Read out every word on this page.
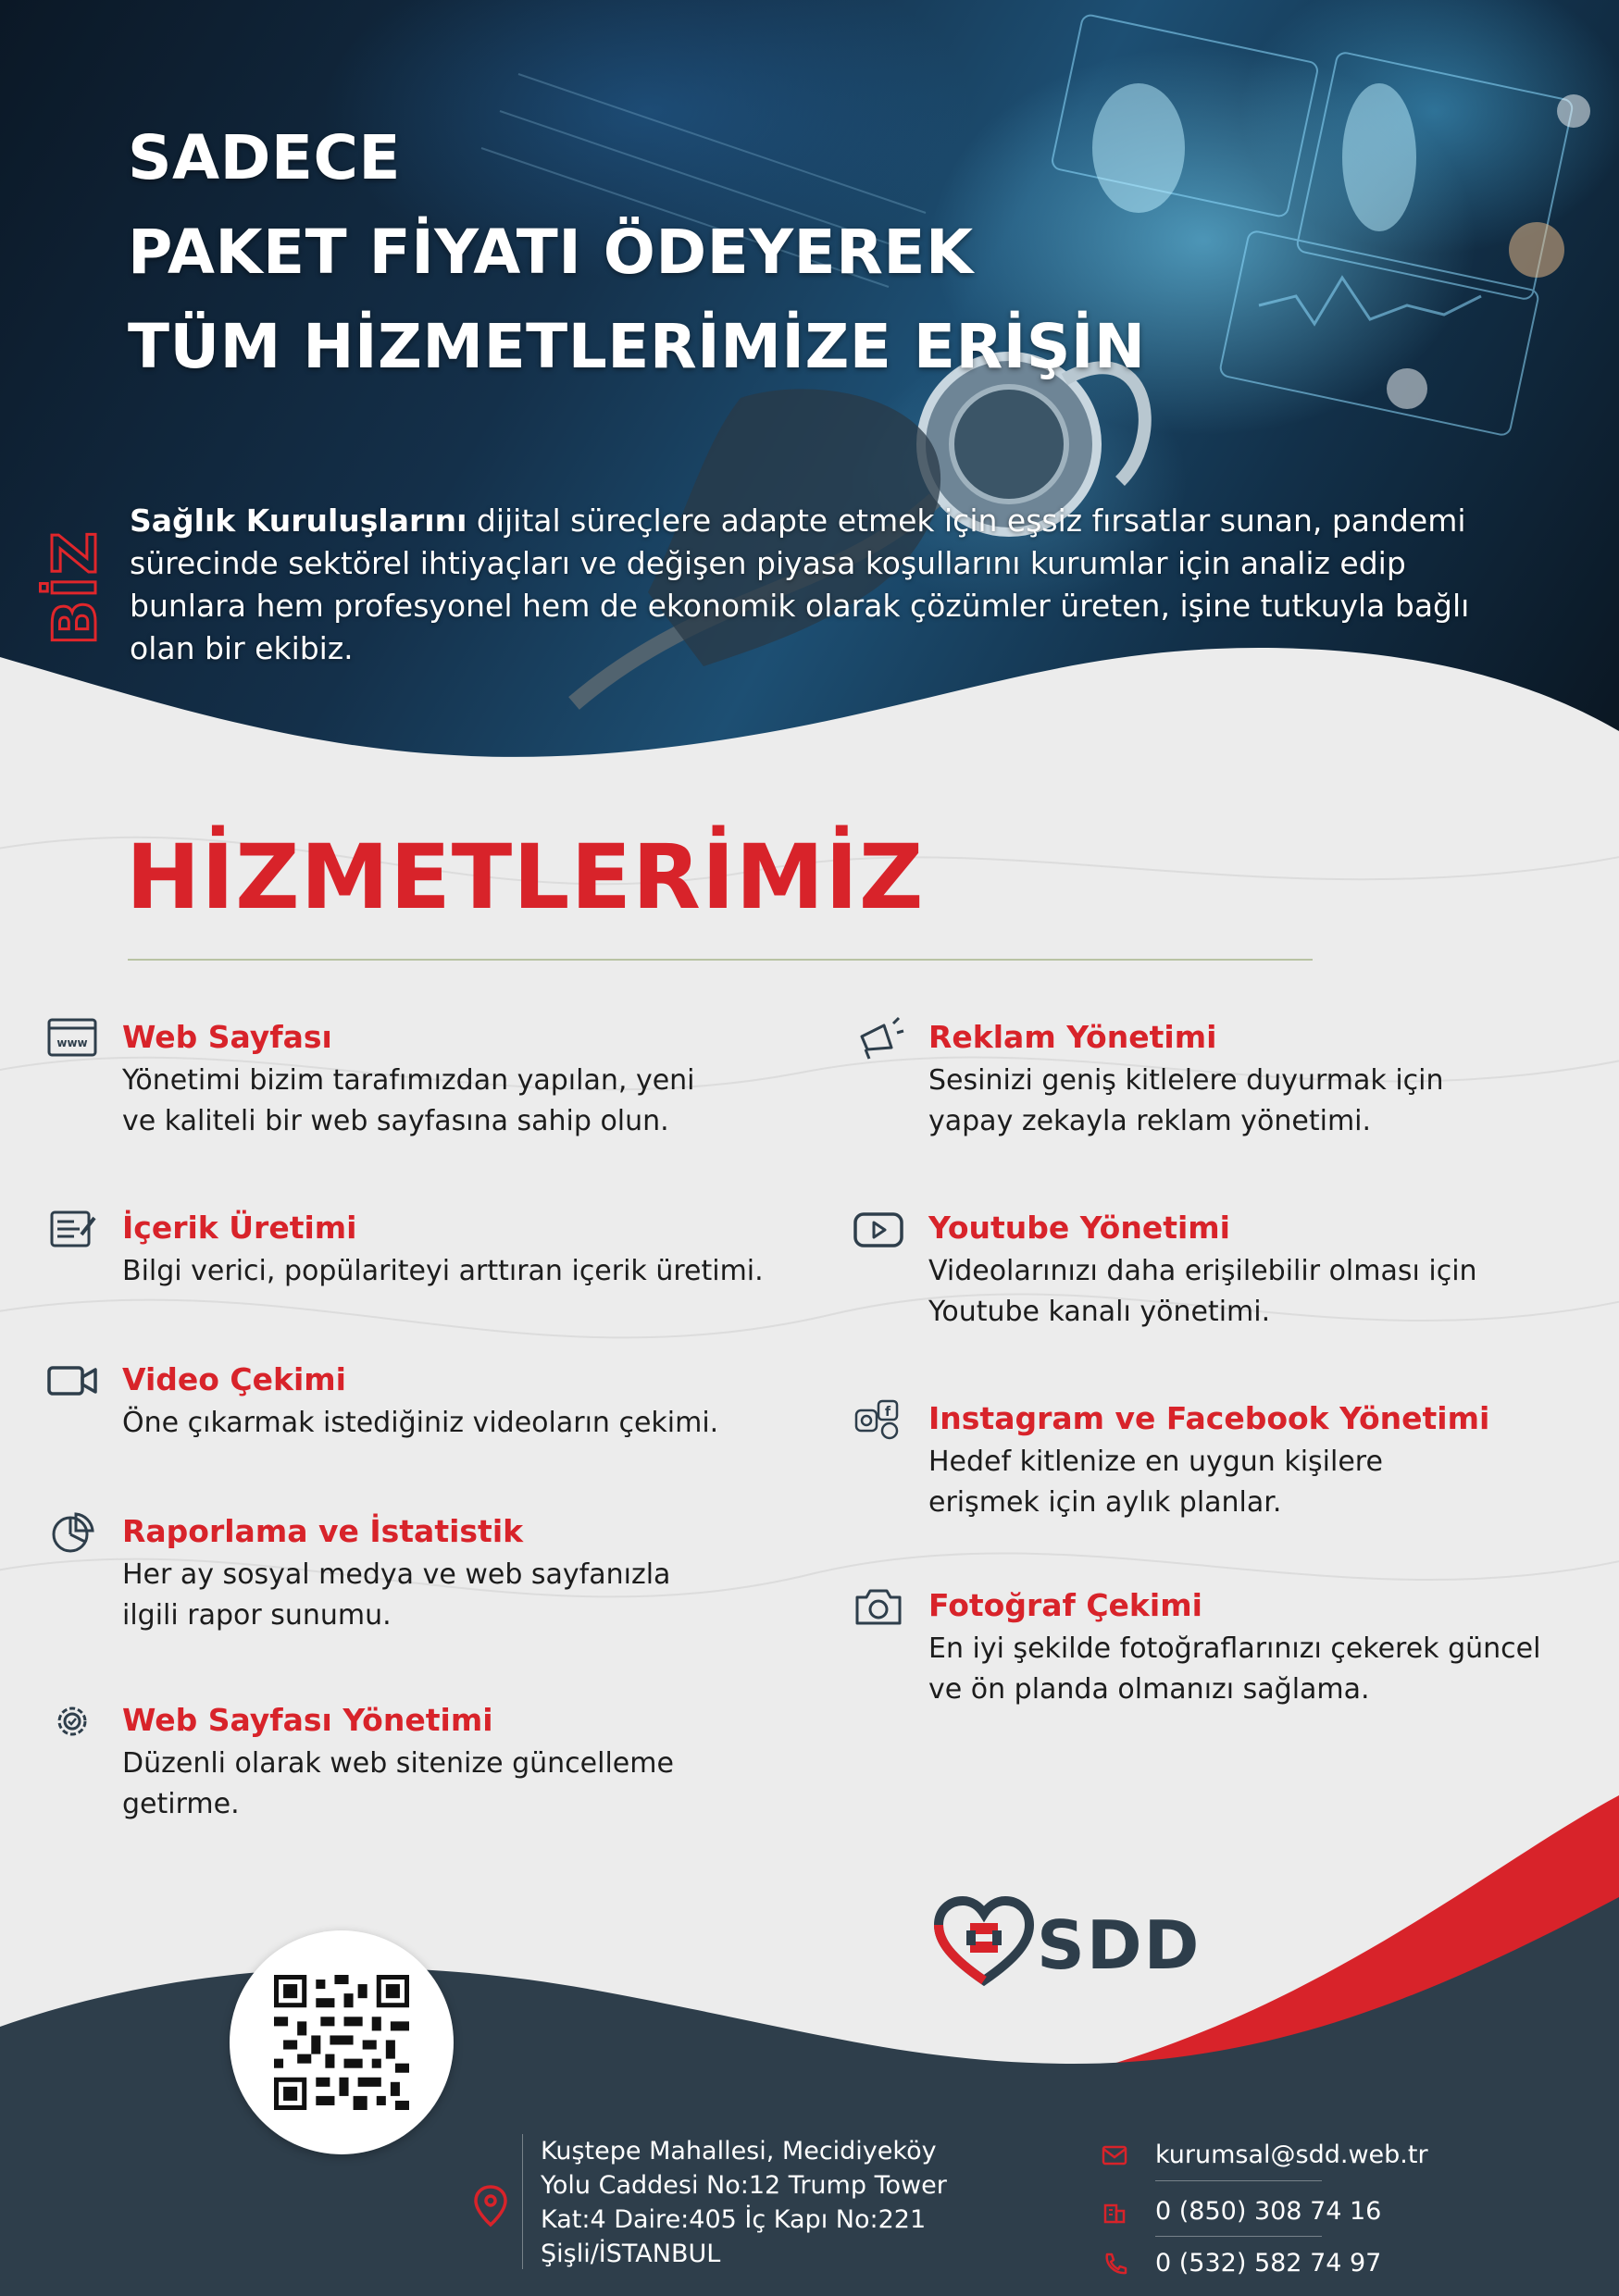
SADECE
PAKET FİYATI ÖDEYEREK
TÜM HİZMETLERİMİZE ERİŞİN
BİZ

Sağlık Kuruluşlarını dijital süreçlere adapte etmek için eşsiz fırsatlar sunan, pandemi sürecinde sektörel ihtiyaçları ve değişen piyasa koşullarını kurumlar için analiz edip bunlara hem profesyonel hem de ekonomik olarak çözümler üreten, işine tutkuyla bağlı olan bir ekibiz.

HİZMETLERİMİZ
www Web Sayfası
Yönetimi bizim tarafımızdan yapılan, yeni ve kaliteli bir web sayfasına sahip olun.
İçerik Üretimi
Bilgi verici, popülariteyi arttıran içerik üretimi.
Video Çekimi
Öne çıkarmak istediğiniz videoların çekimi.
Raporlama ve İstatistik
Her ay sosyal medya ve web sayfanızla ilgili rapor sunumu.
Web Sayfası Yönetimi
Düzenli olarak web sitenize güncelleme getirme.
Reklam Yönetimi
Sesinizi geniş kitlelere duyurmak için yapay zekayla reklam yönetimi.
Youtube Yönetimi
Videolarınızı daha erişilebilir olması için Youtube kanalı yönetimi.
f Instagram ve Facebook Yönetimi
Hedef kitlenize en uygun kişilere erişmek için aylık planlar.
Fotoğraf Çekimi
En iyi şekilde fotoğraflarınızı çekerek güncel ve ön planda olmanızı sağlama.
SDD
Kuştepe Mahallesi, Mecidiyeköy
Yolu Caddesi No:12 Trump Tower
Kat:4 Daire:405 İç Kapı No:221
Şişli/İSTANBUL
kurumsal@sdd.web.tr
0 (850) 308 74 16
0 (532) 582 74 97
